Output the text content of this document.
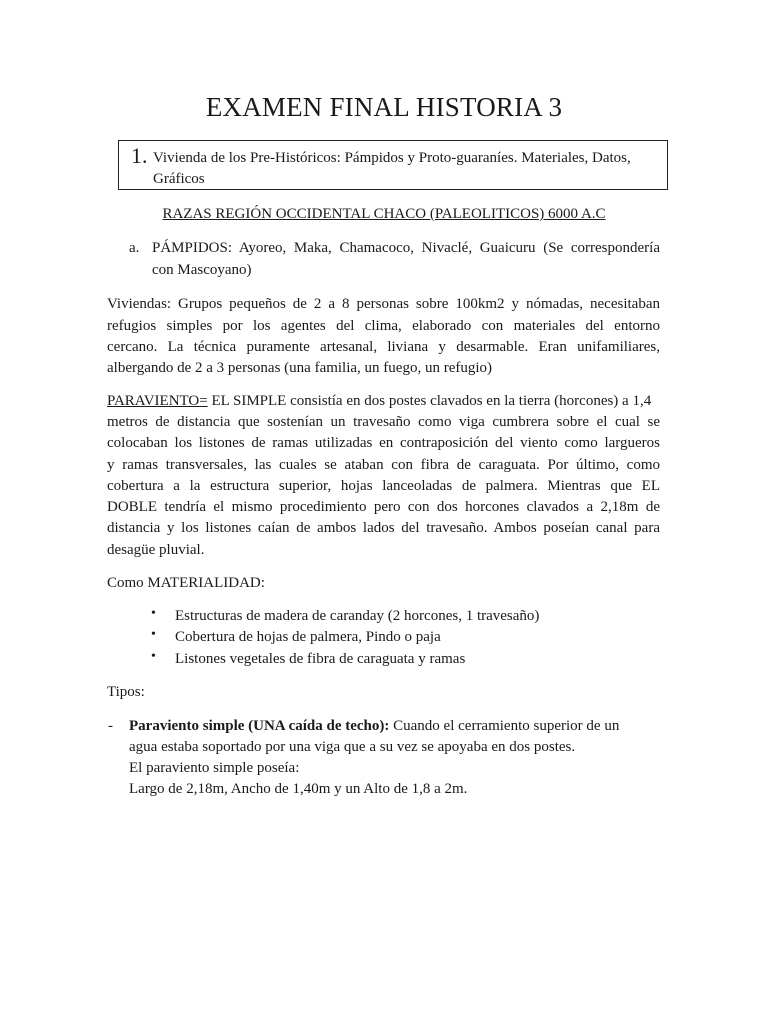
EXAMEN FINAL HISTORIA 3
1. Vivienda de los Pre-Históricos: Pámpidos y Proto-guaraníes. Materiales, Datos,
Gráficos
RAZAS REGIÓN OCCIDENTAL CHACO (PALEOLITICOS) 6000 A.C
a. PÁMPIDOS: Ayoreo, Maka, Chamacoco, Nivaclé, Guaicuru (Se correspondería
con Mascoyano)
Viviendas: Grupos pequeños de 2 a 8 personas sobre 100km2 y nómadas, necesitaban
refugios simples por los agentes del clima, elaborado con materiales del entorno
cercano. La técnica puramente artesanal, liviana y desarmable. Eran unifamiliares,
albergando de 2 a 3 personas (una familia, un fuego, un refugio)
PARAVIENTO= EL SIMPLE consistía en dos postes clavados en la tierra (horcones) a 1,4
metros de distancia que sostenían un travesaño como viga cumbrera sobre el cual se
colocaban los listones de ramas utilizadas en contraposición del viento como largueros
y ramas transversales, las cuales se ataban con fibra de caraguata. Por último, como
cobertura a la estructura superior, hojas lanceoladas de palmera. Mientras que EL
DOBLE tendría el mismo procedimiento pero con dos horcones clavados a 2,18m de
distancia y los listones caían de ambos lados del travesaño. Ambos poseían canal para
desagüe pluvial.
Como MATERIALIDAD:
• Estructuras de madera de caranday (2 horcones, 1 travesaño)
• Cobertura de hojas de palmera, Pindo o paja
• Listones vegetales de fibra de caraguata y ramas
Tipos:
- Paraviento simple (UNA caída de techo): Cuando el cerramiento superior de un
agua estaba soportado por una viga que a su vez se apoyaba en dos postes.
El paraviento simple poseía:
Largo de 2,18m, Ancho de 1,40m y un Alto de 1,8 a 2m.
